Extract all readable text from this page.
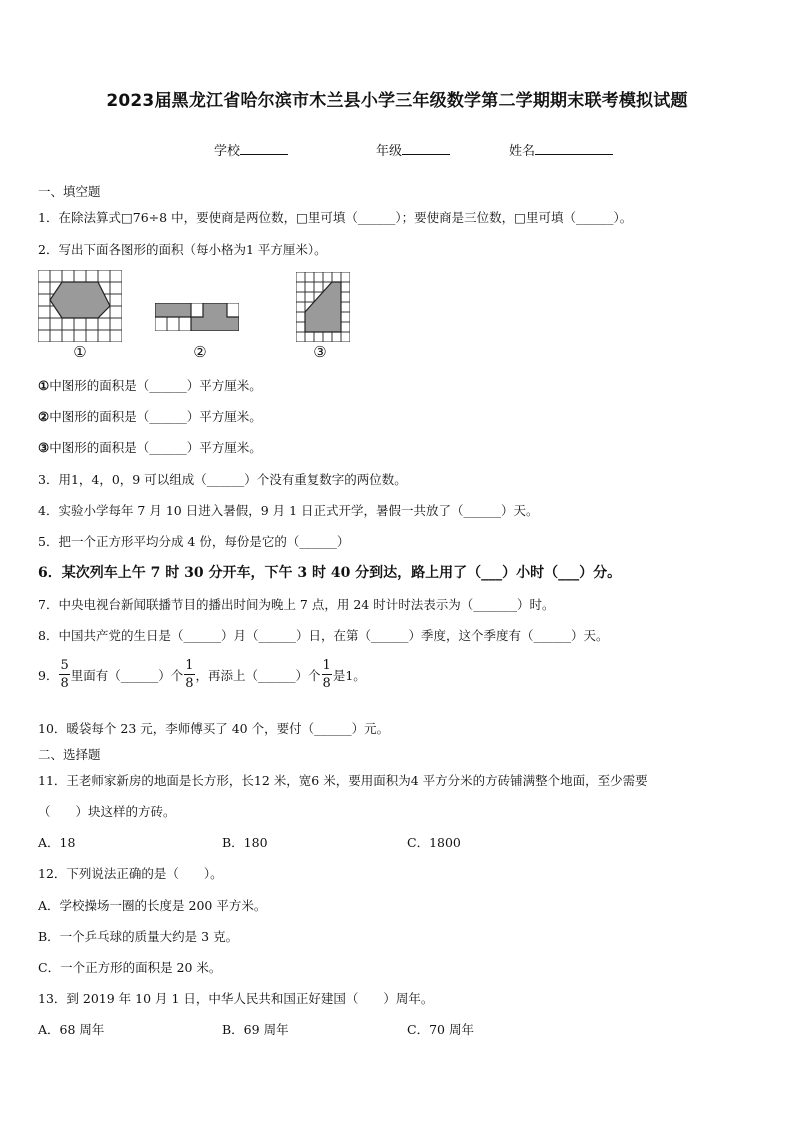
2023届黑龙江省哈尔滨市木兰县小学三年级数学第二学期期末联考模拟试题
学校	年级	姓名
一、填空题
1．在除法算式□76÷8 中，要使商是两位数，□里可填（______）；要使商是三位数，□里可填（______）。
2．写出下面各图形的面积（每小格为1 平方厘米）。
①	②	③
①中图形的面积是（______）平方厘米。
②中图形的面积是（______）平方厘米。
③中图形的面积是（______）平方厘米。
3．用1，4，0，9 可以组成（______）个没有重复数字的两位数。
4．实验小学每年 7 月 10 日进入暑假，9 月 1 日正式开学，暑假一共放了（______）天。
5．把一个正方形平均分成 4 份，每份是它的（______）
6．某次列车上午 7 时 30 分开车，下午 3 时 40 分到达，路上用了（___）小时（___）分。
7．中央电视台新闻联播节目的播出时间为晚上 7 点，用 24 时计时法表示为（_______）时。
8．中国共产党的生日是（______）月（______）日，在第（______）季度，这个季度有（______）天。
9． $\frac{5}{8}$ 里面有（______）个 $\frac{1}{8}$ ，再添上（______）个 $\frac{1}{8}$ 是1。
10．暖袋每个 23 元，李师傅买了 40 个，要付（______）元。
二、选择题
11．王老师家新房的地面是长方形，长12 米，宽6 米，要用面积为4 平方分米的方砖铺满整个地面，至少需要
（　　）块这样的方砖。
A．18	B．180	C．1800
12．下列说法正确的是（　　）。
A．学校操场一圈的长度是 200 平方米。
B．一个乒乓球的质量大约是 3 克。
C．一个正方形的面积是 20 米。
13．到 2019 年 10 月 1 日，中华人民共和国正好建国（　　）周年。
A．68 周年	B．69 周年	C．70 周年
